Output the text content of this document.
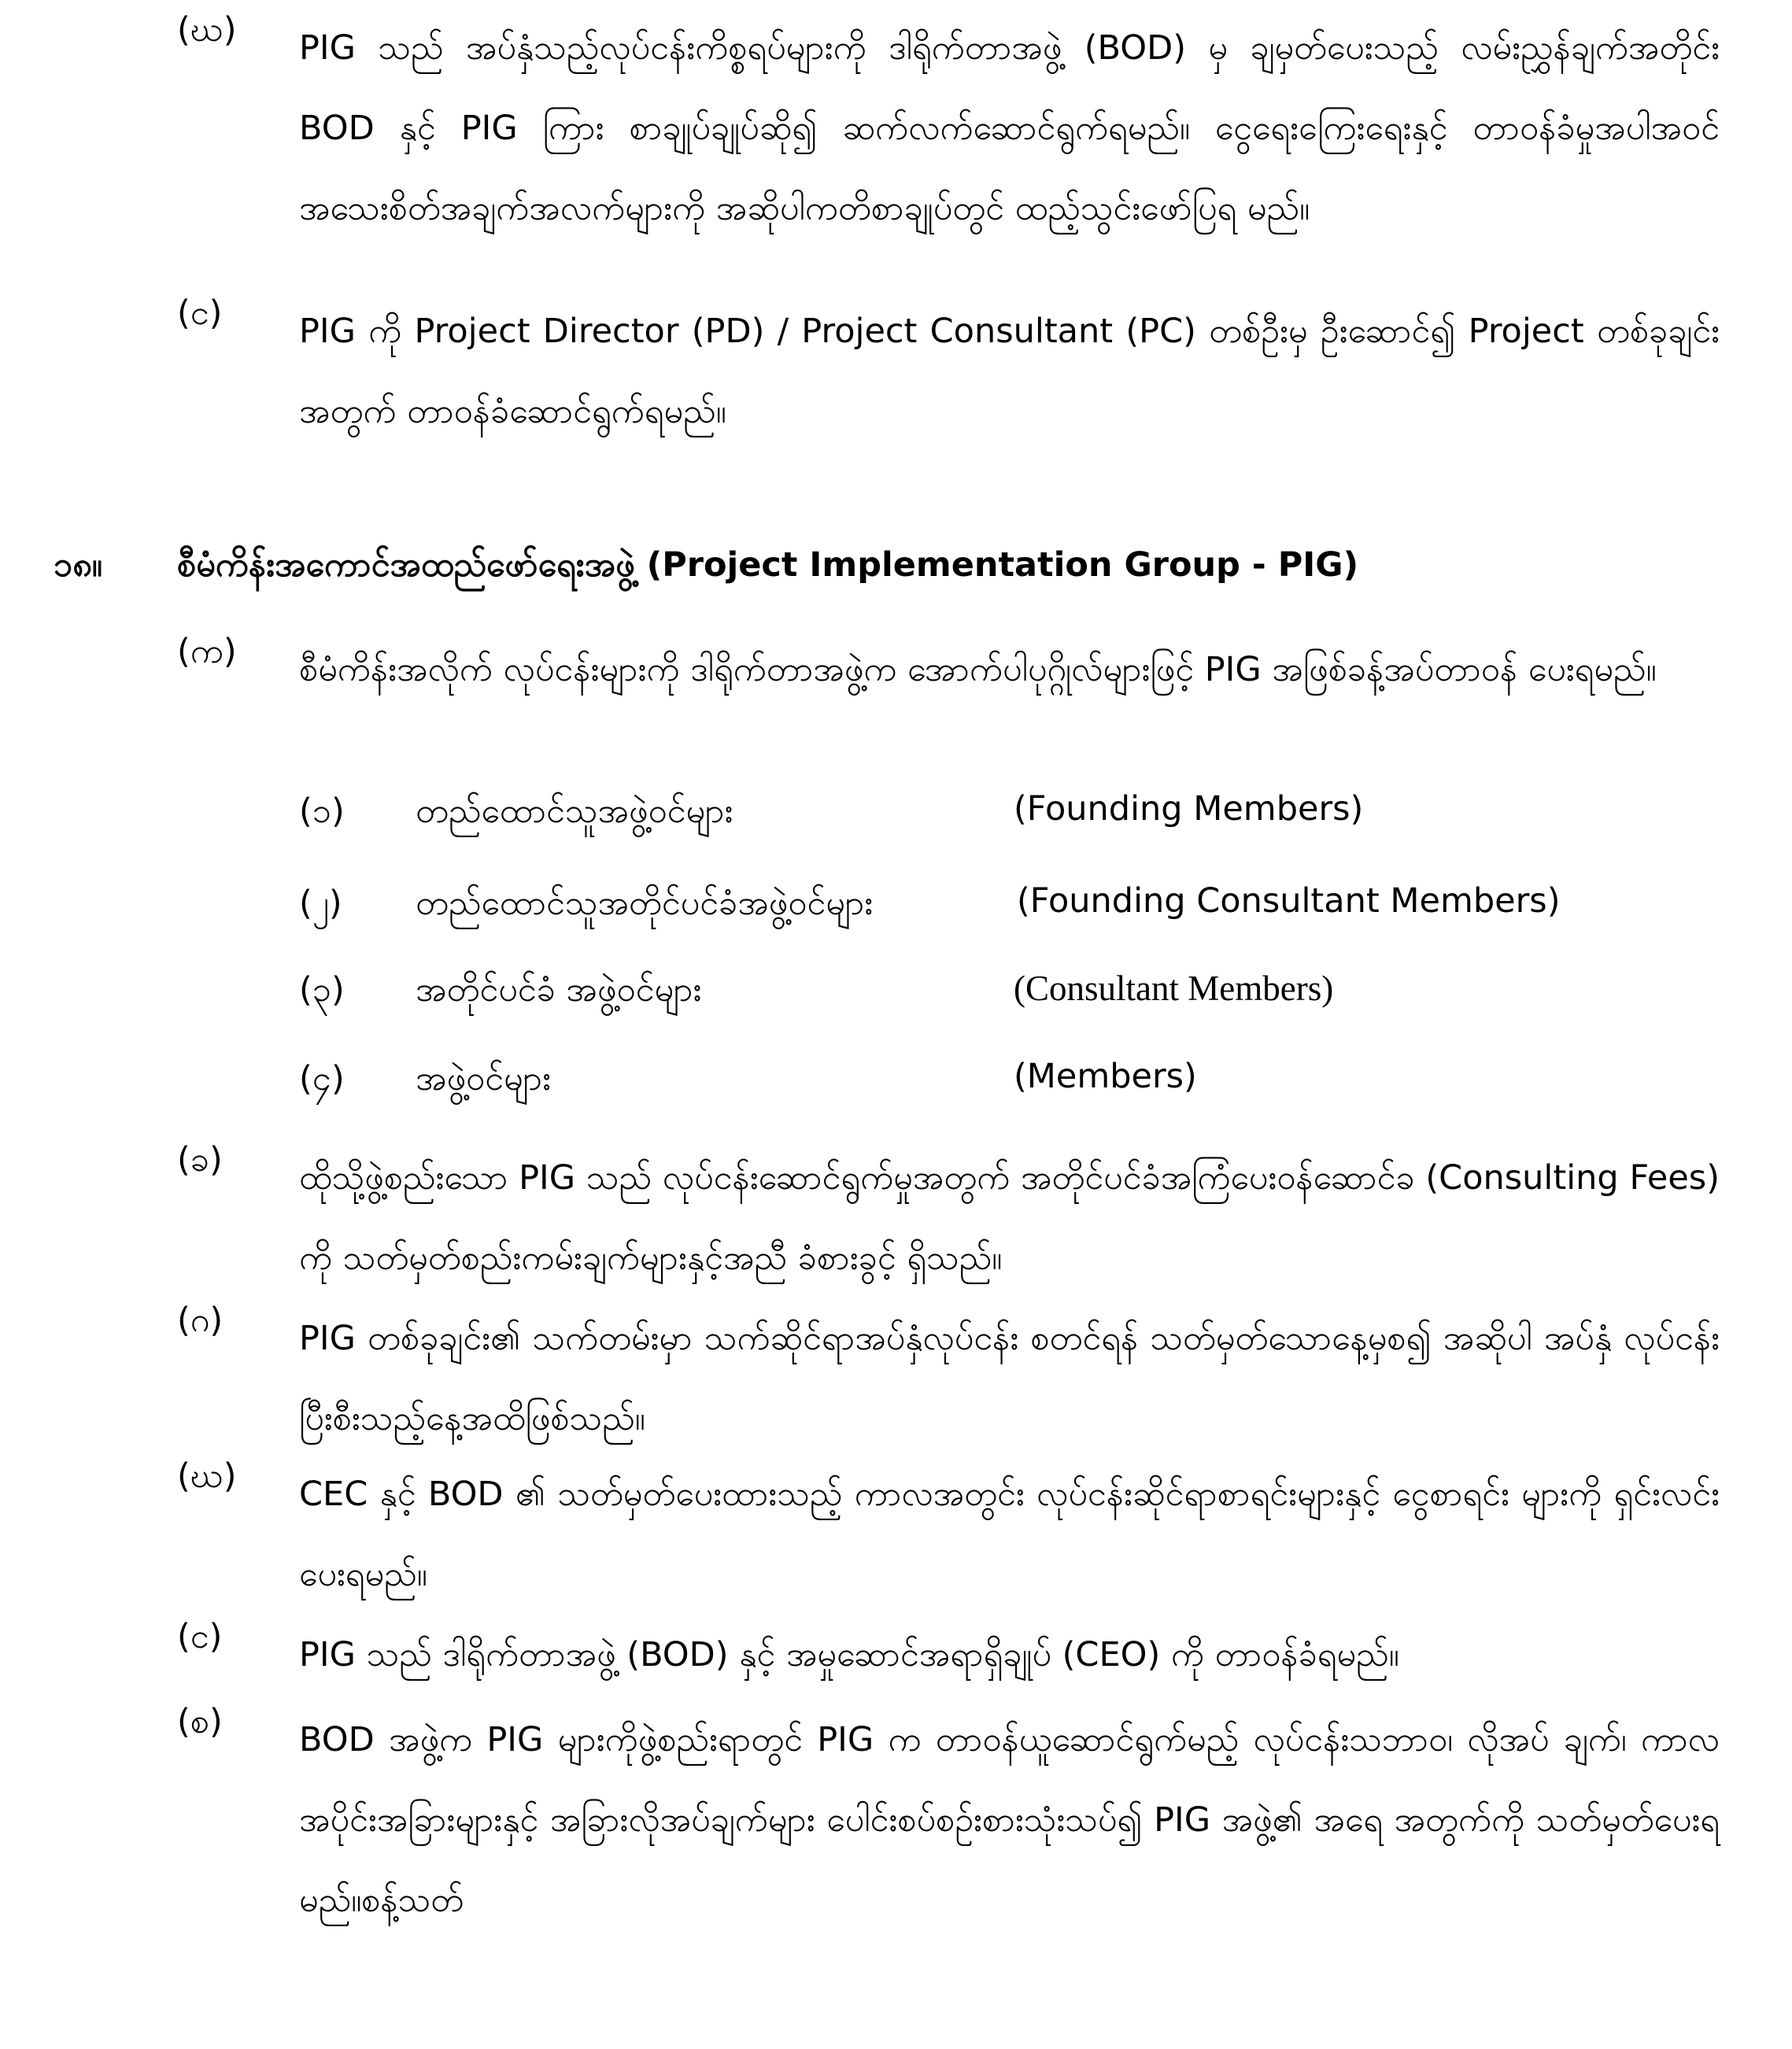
(ဃ)	PIG သည် အပ်နှံသည့်လုပ်ငန်းကိစ္စရပ်များကို ဒါရိုက်တာအဖွဲ့ (BOD) မှ ချမှတ်ပေးသည့် လမ်းညွှန်ချက်အတိုင်း BOD နှင့် PIG ကြား စာချုပ်ချုပ်ဆို၍ ဆက်လက်ဆောင်ရွက်ရမည်။ ငွေရေးကြေးရေးနှင့် တာဝန်ခံမှုအပါအဝင် အသေးစိတ်အချက်အလက်များကို အဆိုပါကတိစာချုပ်တွင် ထည့်သွင်းဖော်ပြရ မည်။
(င)	PIG ကို Project Director (PD) / Project Consultant (PC) တစ်ဦးမှ ဦးဆောင်၍ Project တစ်ခုချင်း အတွက် တာဝန်ခံဆောင်ရွက်ရမည်။
၁၈။	စီမံကိန်းအကောင်အထည်ဖော်ရေးအဖွဲ့ (Project Implementation Group - PIG)
(က)	စီမံကိန်းအလိုက် လုပ်ငန်းများကို ဒါရိုက်တာအဖွဲ့က အောက်ပါပုဂ္ဂိုလ်များဖြင့် PIG အဖြစ်ခန့်အပ်တာဝန် ပေးရမည်။
(၁) တည်ထောင်သူအဖွဲ့ဝင်များ	(Founding Members)
(၂) တည်ထောင်သူအတိုင်ပင်ခံအဖွဲ့ဝင်များ	(Founding Consultant Members)
(၃) အတိုင်ပင်ခံ အဖွဲ့ဝင်များ	(Consultant Members)
(၄) အဖွဲ့ဝင်များ	(Members)
(ခ)	ထိုသို့ဖွဲ့စည်းသော PIG သည် လုပ်ငန်းဆောင်ရွက်မှုအတွက် အတိုင်ပင်ခံအကြံပေးဝန်ဆောင်ခ (Consulting Fees) ကို သတ်မှတ်စည်းကမ်းချက်များနှင့်အညီ ခံစားခွင့် ရှိသည်။
(ဂ)	PIG တစ်ခုချင်း၏ သက်တမ်းမှာ သက်ဆိုင်ရာအပ်နှံလုပ်ငန်း စတင်ရန် သတ်မှတ်သောနေ့မှစ၍ အဆိုပါ အပ်နှံ လုပ်ငန်း ပြီးစီးသည့်နေ့အထိဖြစ်သည်။
(ဃ)	CEC နှင့် BOD ၏ သတ်မှတ်ပေးထားသည့် ကာလအတွင်း လုပ်ငန်းဆိုင်ရာစာရင်းများနှင့် ငွေစာရင်း များကို ရှင်းလင်းပေးရမည်။
(င)	PIG သည် ဒါရိုက်တာအဖွဲ့ (BOD) နှင့် အမှုဆောင်အရာရှိချုပ် (CEO) ကို တာဝန်ခံရမည်။
(စ)	BOD အဖွဲ့က PIG များကိုဖွဲ့စည်းရာတွင် PIG က တာဝန်ယူဆောင်ရွက်မည့် လုပ်ငန်းသဘာဝ၊ လိုအပ် ချက်၊ ကာလအပိုင်းအခြားများနှင့် အခြားလိုအပ်ချက်များ ပေါင်းစပ်စဉ်းစားသုံးသပ်၍ PIG အဖွဲ့၏ အရေ အတွက်ကို သတ်မှတ်ပေးရမည်။စန့်သတ်
